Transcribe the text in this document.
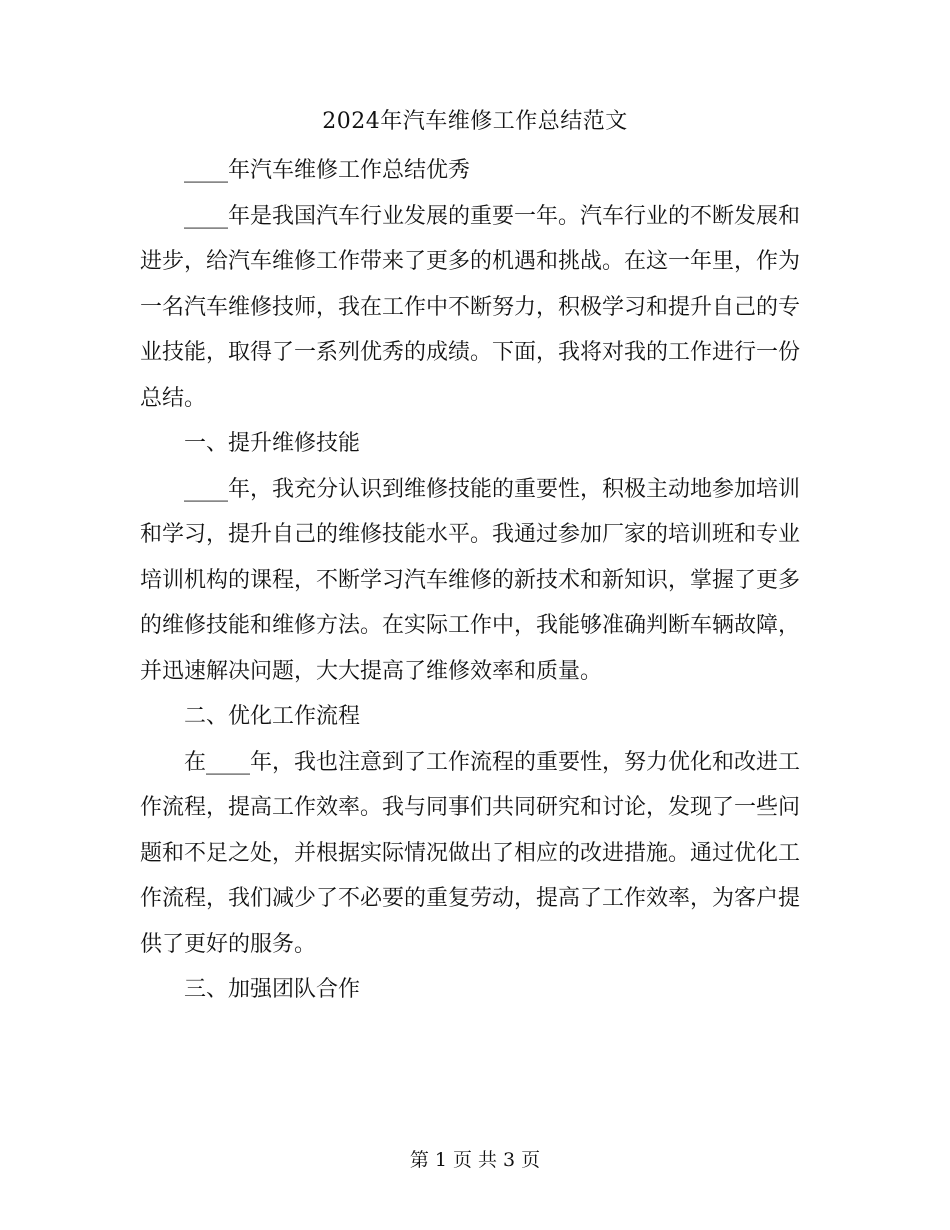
2024年汽车维修工作总结范文

____年汽车维修工作总结优秀

____年是我国汽车行业发展的重要一年。汽车行业的不断发展和进步，给汽车维修工作带来了更多的机遇和挑战。在这一年里，作为一名汽车维修技师，我在工作中不断努力，积极学习和提升自己的专业技能，取得了一系列优秀的成绩。下面，我将对我的工作进行一份总结。

一、提升维修技能

____年，我充分认识到维修技能的重要性，积极主动地参加培训和学习，提升自己的维修技能水平。我通过参加厂家的培训班和专业培训机构的课程，不断学习汽车维修的新技术和新知识，掌握了更多的维修技能和维修方法。在实际工作中，我能够准确判断车辆故障，并迅速解决问题，大大提高了维修效率和质量。

二、优化工作流程

在____年，我也注意到了工作流程的重要性，努力优化和改进工作流程，提高工作效率。我与同事们共同研究和讨论，发现了一些问题和不足之处，并根据实际情况做出了相应的改进措施。通过优化工作流程，我们减少了不必要的重复劳动，提高了工作效率，为客户提供了更好的服务。

三、加强团队合作

第 1 页 共 3 页
